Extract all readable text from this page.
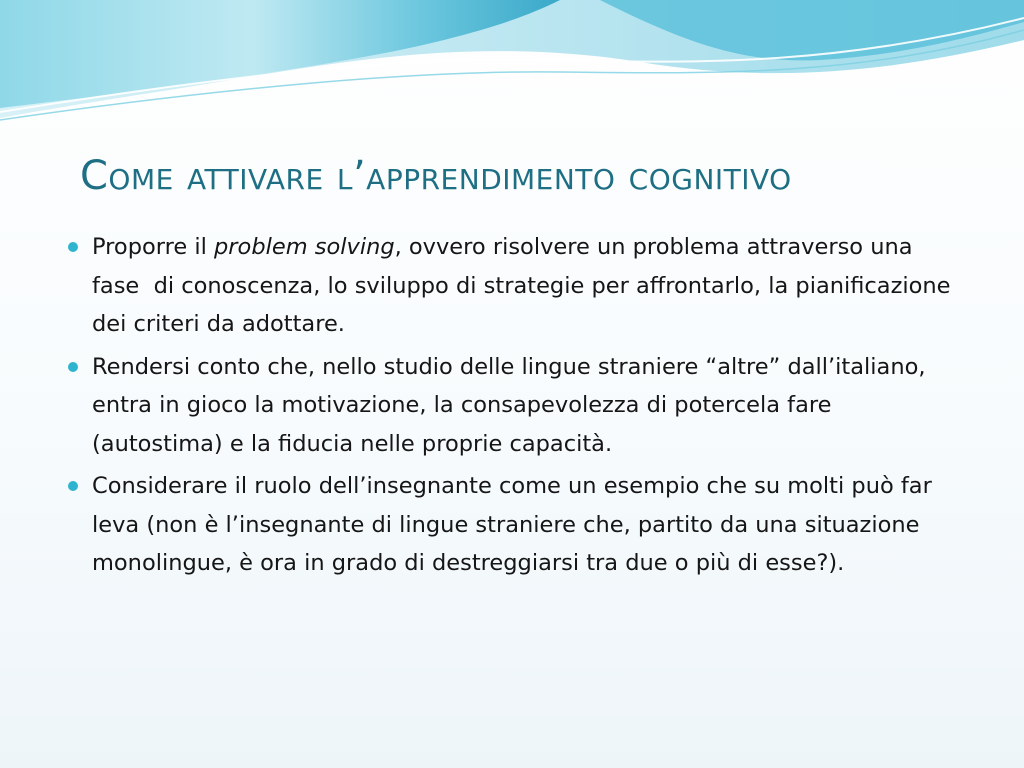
Come attivare l’apprendimento cognitivo
Proporre il problem solving, ovvero risolvere un problema attraverso una fase  di conoscenza, lo sviluppo di strategie per affrontarlo, la pianificazione dei criteri da adottare.
Rendersi conto che, nello studio delle lingue straniere “altre” dall’italiano, entra in gioco la motivazione, la consapevolezza di potercela fare (autostima) e la fiducia nelle proprie capacità.
Considerare il ruolo dell’insegnante come un esempio che su molti può far leva (non è l’insegnante di lingue straniere che, partito da una situazione monolingue, è ora in grado di destreggiarsi tra due o più di esse?).
